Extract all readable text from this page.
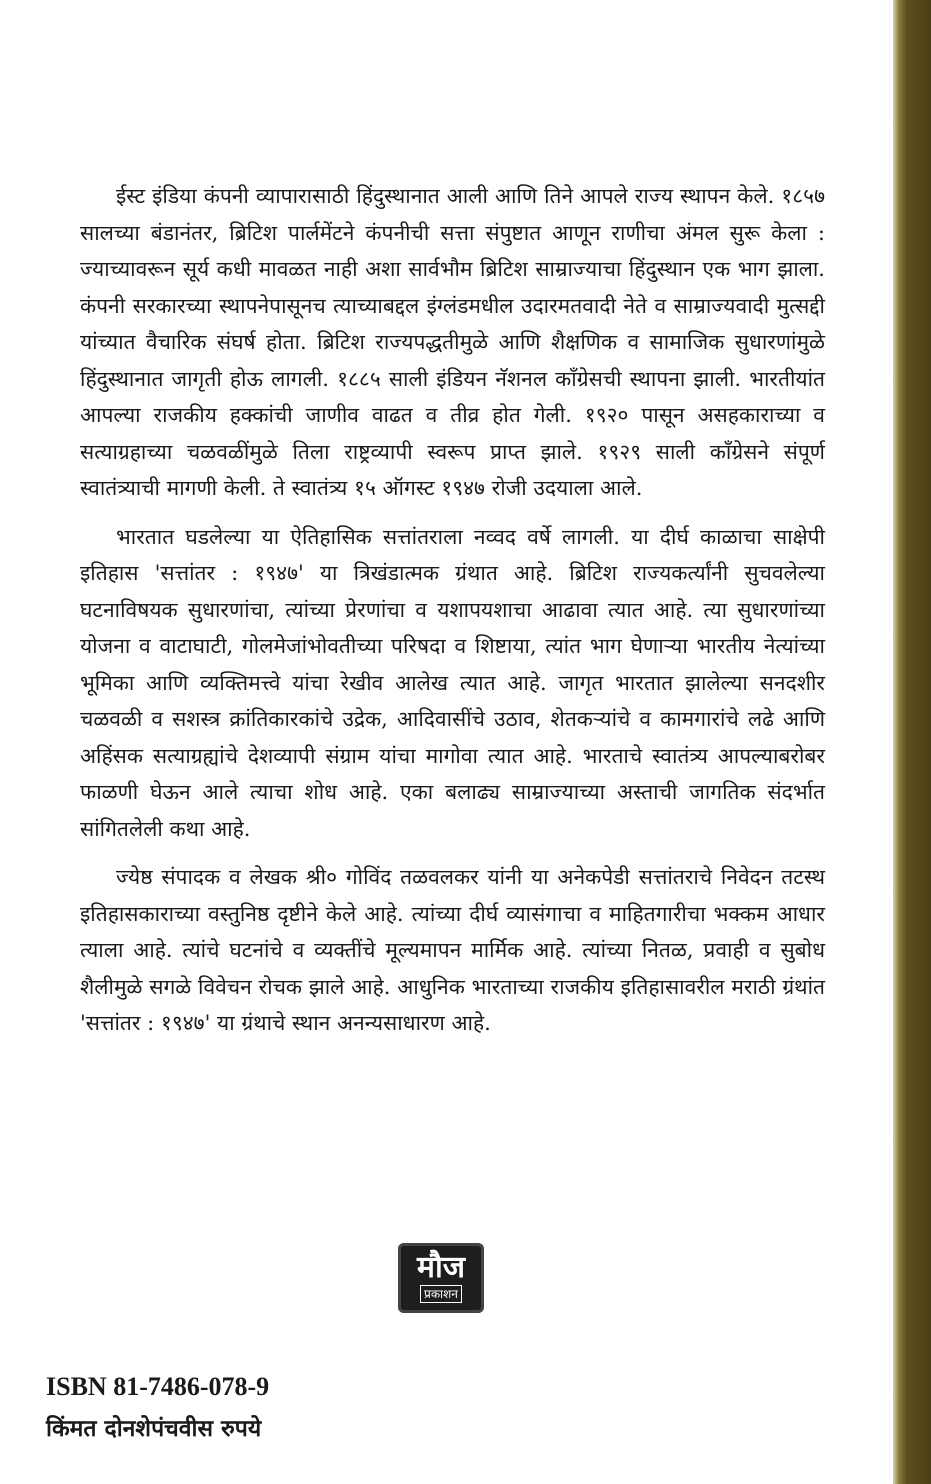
ईस्ट इंडिया कंपनी व्यापारासाठी हिंदुस्थानात आली आणि तिने आपले राज्य स्थापन केले. १८५७ सालच्या बंडानंतर, ब्रिटिश पार्लमेंटने कंपनीची सत्ता संपुष्टात आणून राणीचा अंमल सुरू केला : ज्याच्यावरून सूर्य कधी मावळत नाही अशा सार्वभौम ब्रिटिश साम्राज्याचा हिंदुस्थान एक भाग झाला. कंपनी सरकारच्या स्थापनेपासूनच त्याच्याबद्दल इंग्लंडमधील उदारमतवादी नेते व साम्राज्यवादी मुत्सद्दी यांच्यात वैचारिक संघर्ष होता. ब्रिटिश राज्यपद्धतीमुळे आणि शैक्षणिक व सामाजिक सुधारणांमुळे हिंदुस्थानात जागृती होऊ लागली. १८८५ साली इंडियन नॅशनल काँग्रेसची स्थापना झाली. भारतीयांत आपल्या राजकीय हक्कांची जाणीव वाढत व तीव्र होत गेली. १९२० पासून असहकाराच्या व सत्याग्रहाच्या चळवळींमुळे तिला राष्ट्रव्यापी स्वरूप प्राप्त झाले. १९२९ साली काँग्रेसने संपूर्ण स्वातंत्र्याची मागणी केली. ते स्वातंत्र्य १५ ऑगस्ट १९४७ रोजी उदयाला आले.

भारतात घडलेल्या या ऐतिहासिक सत्तांतराला नव्वद वर्षे लागली. या दीर्घ काळाचा साक्षेपी इतिहास 'सत्तांतर : १९४७' या त्रिखंडात्मक ग्रंथात आहे. ब्रिटिश राज्यकर्त्यांनी सुचवलेल्या घटनाविषयक सुधारणांचा, त्यांच्या प्रेरणांचा व यशापयशाचा आढावा त्यात आहे. त्या सुधारणांच्या योजना व वाटाघाटी, गोलमेजांभोवतीच्या परिषदा व शिष्टाया, त्यांत भाग घेणाऱ्या भारतीय नेत्यांच्या भूमिका आणि व्यक्तिमत्त्वे यांचा रेखीव आलेख त्यात आहे. जागृत भारतात झालेल्या सनदशीर चळवळी व सशस्त्र क्रांतिकारकांचे उद्रेक, आदिवासींचे उठाव, शेतकऱ्यांचे व कामगारांचे लढे आणि अहिंसक सत्याग्रह्यांचे देशव्यापी संग्राम यांचा मागोवा त्यात आहे. भारताचे स्वातंत्र्य आपल्याबरोबर फाळणी घेऊन आले त्याचा शोध आहे. एका बलाढ्य साम्राज्याच्या अस्ताची जागतिक संदर्भात सांगितलेली कथा आहे.

ज्येष्ठ संपादक व लेखक श्री० गोविंद तळवलकर यांनी या अनेकपेडी सत्तांतराचे निवेदन तटस्थ इतिहासकाराच्या वस्तुनिष्ठ दृष्टीने केले आहे. त्यांच्या दीर्घ व्यासंगाचा व माहितगारीचा भक्कम आधार त्याला आहे. त्यांचे घटनांचे व व्यक्तींचे मूल्यमापन मार्मिक आहे. त्यांच्या नितळ, प्रवाही व सुबोध शैलीमुळे सगळे विवेचन रोचक झाले आहे. आधुनिक भारताच्या राजकीय इतिहासावरील मराठी ग्रंथांत 'सत्तांतर : १९४७' या ग्रंथाचे स्थान अनन्यसाधारण आहे.

मौज
प्रकाशन
ISBN 81-7486-078-9
किंमत दोनशेपंचवीस रुपये
